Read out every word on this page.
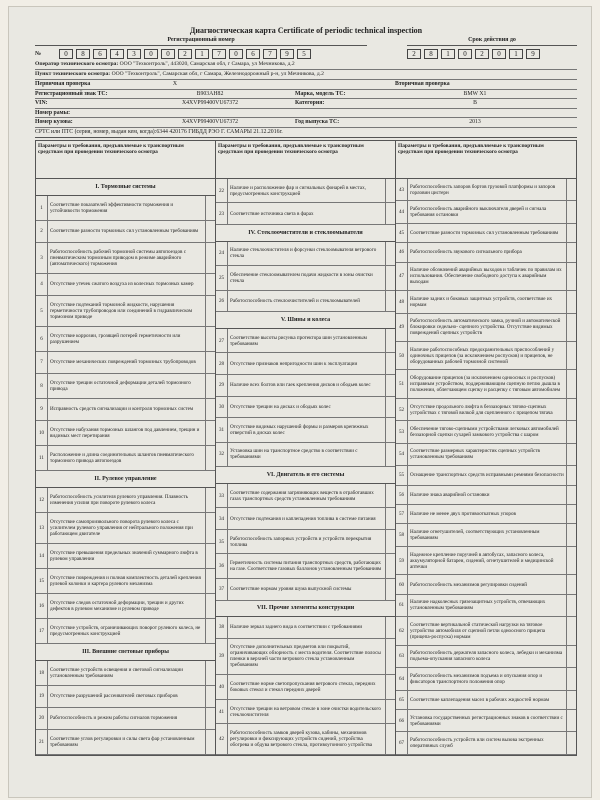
Диагностическая карта Certificate of periodic technical inspection
Регистрационный номер
№	0	8	6	4	3	0	0	2	1	7	0	6	7	9	5
Срок действия до
2	8	1	0	2	0	1	9
Оператор технического осмотра: ООО "Техконтроль", 443020, Самарская обл, г Самара, ул Мечникова, д.2
Пункт технического осмотра: ООО "Техконтроль", Самарская обл, г Самара, Железнодорожный р-н, ул Мечникова, д.2
Первичная проверка	X	Вторичная проверка
Регистрационный знак ТС:	В903АН82	Марка, модель ТС:	BMW X1
VIN:	X4XVP99400VU67372	Категория:	B
Номер рамы:
Номер кузова:	X4XVP99400VU67372	Год выпуска ТС:	2013
СРТС или ПТС (серия, номер, выдан кем, когда):6344 420176 ГИБДД РЭО Г. САМАРЫ 21.12.2016г.
Параметры и требования, предъявляемые к транспортным средствам при проведении технического осмотра
I. Тормозные системы
1	Соответствие показателей эффективности торможения и устойчивости торможения
2	Соответствие разности тормозных сил установленным требованиям
3
Работоспособность рабочей тормозной системы автопоездов с пневматическим тормозным приводом в режиме аварийного (автоматического) торможения
4	Отсутствие утечек сжатого воздуха из колесных тормозных камер
5
Отсутствие подтеканий тормозной жидкости, нарушения герметичности трубопроводов или соединений в гидравлическом тормозном приводе
6	Отсутствие коррозии, грозящей потерей герметичности или разрушением
7	Отсутствие механических повреждений тормозных трубопроводов
8	Отсутствие трещин остаточной деформации деталей тормозного привода
9	Исправность средств сигнализации и контроля тормозных систем
10	Отсутствие набухания тормозных шлангов под давлением, трещин и видимых мест перетирания
11	Расположение и длина соединительных шлангов пневматического тормозного привода автопоездов
II. Рулевое управление
12	Работоспособность усилителя рулевого управления. Плавность изменения усилия при повороте рулевого колеса
13
Отсутствие самопроизвольного поворота рулевого колеса с усилителем рулевого управления от нейтрального положения при работающем двигателе
14	Отсутствие превышения предельных значений суммарного люфта в рулевом управлении
15	Отсутствие повреждения и полная комплектность деталей крепления рулевой колонки и картера рулевого механизма
16	Отсутствие следов остаточной деформации, трещин и других дефектов в рулевом механизме и рулевом приводе
17	Отсутствие устройств, ограничивающих поворот рулевого колеса, не предусмотренных конструкцией
III. Внешние световые приборы
18	Соответствие устройств освещения и световой сигнализации установленным требованиям
19	Отсутствие разрушений рассеивателей световых приборов
20	Работоспособность и режим работы сигналов торможения
21	Соответствие углов регулировки и силы света фар установленным требованиям
Параметры и требования, предъявляемые к транспортным средствам при проведении технического осмотра
22	Наличие и расположение фар и сигнальных фонарей в местах, предусмотренных конструкцией
23	Соответствие источника света в фарах
IV. Стеклоочистители и стеклоомыватели
24	Наличие стеклоочистителя и форсунки стеклоомывателя ветрового стекла
25	Обеспечение стеклоомывателем подачи жидкости в зоны очистки стекла
26	Работоспособность стеклоочистителей и стеклоомывателей
V. Шины и колеса
27	Соответствие высоты рисунка протектора шин установленным требованиям
28	Отсутствие признаков непригодности шин к эксплуатации
29	Наличие всех болтов или гаек крепления дисков и ободьев колес
30	Отсутствие трещин на дисках и ободьях колес
31	Отсутствие видимых нарушений формы и размеров крепежных отверстий в дисках колес
32	Установка шин на транспортное средство в соответствии с требованиями
VI. Двигатель и его системы
33	Соответствие содержания загрязняющих веществ в отработавших газах транспортных средств установленным требованиям
34	Отсутствие подтекания и каплепадения топлива в системе питания
35	Работоспособность запорных устройств и устройств перекрытия топлива
36	Герметичность системы питания транспортных средств, работающих на газе. Соответствие газовых баллонов установленным требованиям
37	Соответствие нормам уровня шума выпускной системы
VII. Прочие элементы конструкции
38	Наличие зеркал заднего вида в соответствии с требованиями
39
Отсутствие дополнительных предметов или покрытий, ограничивающих обзорность с места водителя. Соответствие полосы пленки в верхней части ветрового стекла установленным требованиям
40	Соответствие норме светопропускания ветрового стекла, передних боковых стекол и стекол передних дверей
41	Отсутствие трещин на ветровом стекле в зоне очистки водительского стеклоочистителя
42
Работоспособность замков дверей кузова, кабины, механизмов регулировки и фиксирующих устройств сидений, устройства обогрева и обдува ветрового стекла, противоугонного устройства
Параметры и требования, предъявляемые к транспортным средствам при проведении технического осмотра
43	Работоспособность запоров бортов грузовой платформы и запоров горловин цистерн
44	Работоспособность аварийного выключателя дверей и сигнала требования остановки
45	Соответствие разности тормозных сил установленным требованиям
46	Работоспособность звукового сигнального прибора
47
Наличие обозначений аварийных выходов и табличек по правилам их использования. Обеспечение свободного доступа к аварийным выходам
48	Наличие задних и боковых защитных устройств, соответствие их нормам
49
Работоспособность автоматического замка, ручной и автоматической блокировки седельно- сцепного устройства. Отсутствие видимых повреждений сцепных устройств
50
Наличие работоспособных предохранительных приспособлений у одиночных прицепов (за исключением роспусков) и прицепов, не оборудованных рабочей тормозной системой
51
Оборудование прицепов (за исключением одноосных и роспусков) исправным устройством, поддерживающим сцепную петлю дышла в положении, облегчающем сцепку и расцепку с тяговым автомобилем
52	Отсутствие продольного люфта в беззазорных тягово-сцепных устройствах с тяговой вилкой для сцепленного с прицепом тягача
53	Обеспечение тягово-сцепными устройствами легковых автомобилей беззазорной сцепки сухарей замкового устройства с шаром
54	Соответствие размерных характеристик сцепных устройств установленным требованиям
55	Оснащение транспортных средств исправными ремнями безопасности
56	Наличие знака аварийной остановки
57	Наличие не менее двух противооткатных упоров
58	Наличие огнетушителей, соответствующих установленным требованиям
59
Надежное крепление поручней в автобусах, запасного колеса, аккумуляторной батареи, сидений, огнетушителей и медицинской аптечки
60	Работоспособность механизмов регулировки сидений
61	Наличие надколесных грязезащитных устройств, отвечающих установленным требованиям
62
Соответствие вертикальной статической нагрузки на тяговое устройство автомобиля от сцепной петли одноосного прицепа (прицепа-роспуска) нормам
63	Работоспособность держателя запасного колеса, лебедки и механизма подъема-опускания запасного колеса
64	Работоспособность механизмов подъема и опускания опор и фиксаторов транспортного положения опор
65	Соответствие каплепадения масел в рабочих жидкостей нормам
66	Установка государственных регистрационных знаков в соответствии с требованиями
67	Работоспособность устройств или систем вызова экстренных оперативных служб
